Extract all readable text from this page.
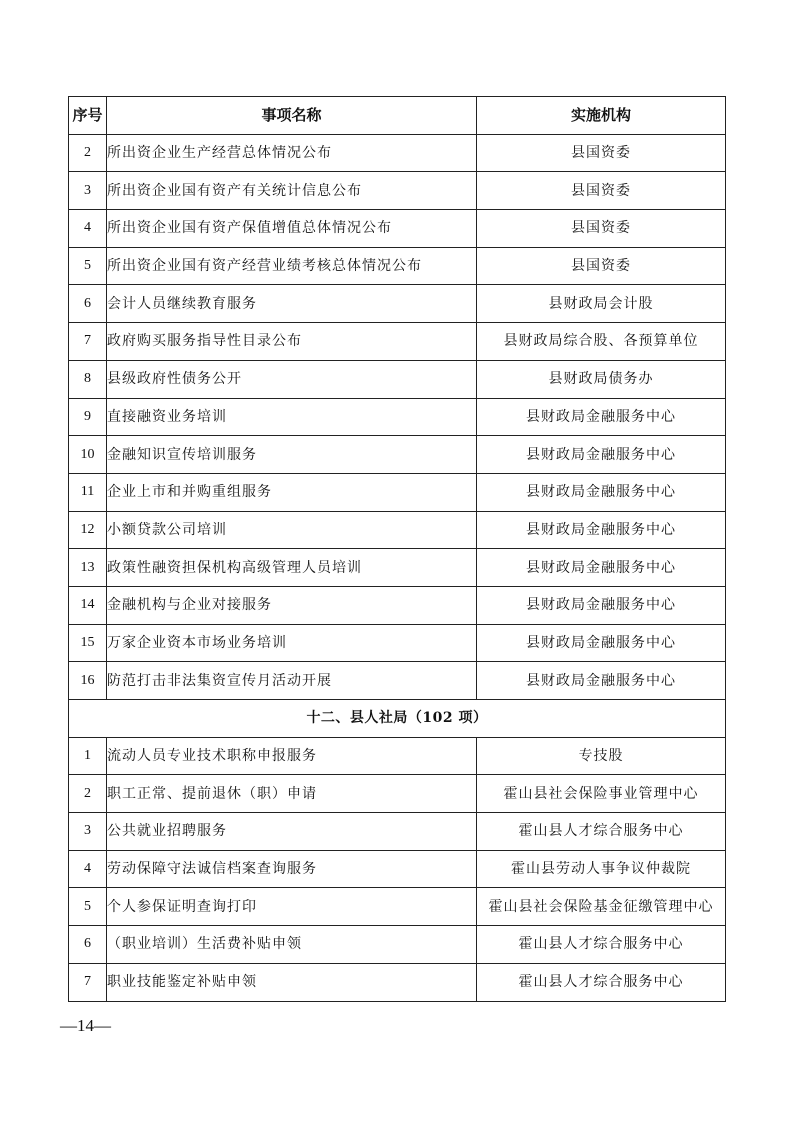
序号	事项名称	实施机构
2	所出资企业生产经营总体情况公布	县国资委
3	所出资企业国有资产有关统计信息公布	县国资委
4	所出资企业国有资产保值增值总体情况公布	县国资委
5	所出资企业国有资产经营业绩考核总体情况公布	县国资委
6	会计人员继续教育服务	县财政局会计股
7	政府购买服务指导性目录公布	县财政局综合股、各预算单位
8	县级政府性债务公开	县财政局债务办
9	直接融资业务培训	县财政局金融服务中心
10	金融知识宣传培训服务	县财政局金融服务中心
11	企业上市和并购重组服务	县财政局金融服务中心
12	小额贷款公司培训	县财政局金融服务中心
13	政策性融资担保机构高级管理人员培训	县财政局金融服务中心
14	金融机构与企业对接服务	县财政局金融服务中心
15	万家企业资本市场业务培训	县财政局金融服务中心
16	防范打击非法集资宣传月活动开展	县财政局金融服务中心
十二、县人社局（102 项）		
1	流动人员专业技术职称申报服务	专技股
2	职工正常、提前退休（职）申请	霍山县社会保险事业管理中心
3	公共就业招聘服务	霍山县人才综合服务中心
4	劳动保障守法诚信档案查询服务	霍山县劳动人事争议仲裁院
5	个人参保证明查询打印	霍山县社会保险基金征缴管理中心
6	（职业培训）生活费补贴申领	霍山县人才综合服务中心
7	职业技能鉴定补贴申领	霍山县人才综合服务中心
—14—
